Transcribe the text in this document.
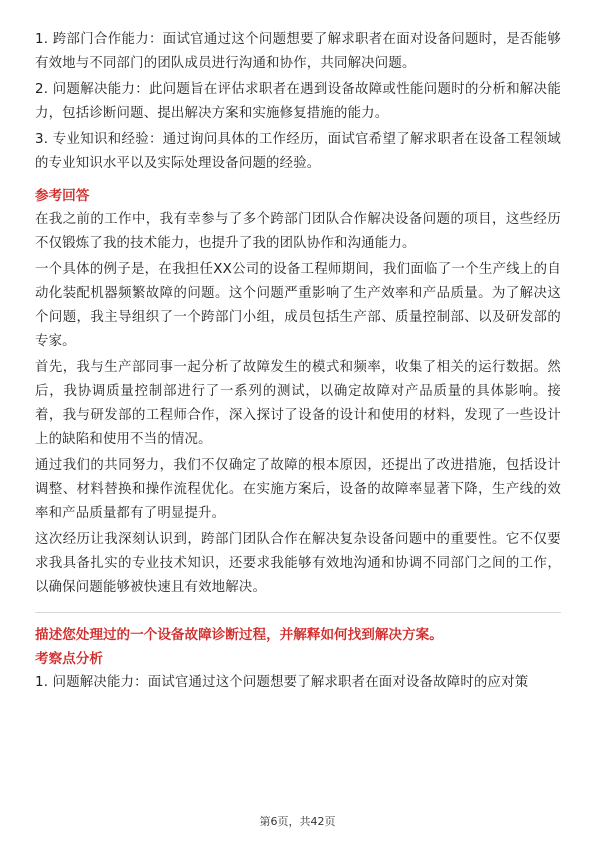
1. 跨部门合作能力：面试官通过这个问题想要了解求职者在面对设备问题时，是否能够有效地与不同部门的团队成员进行沟通和协作，共同解决问题。

2. 问题解决能力：此问题旨在评估求职者在遇到设备故障或性能问题时的分析和解决能力，包括诊断问题、提出解决方案和实施修复措施的能力。

3. 专业知识和经验：通过询问具体的工作经历，面试官希望了解求职者在设备工程领域的专业知识水平以及实际处理设备问题的经验。

参考回答

在我之前的工作中，我有幸参与了多个跨部门团队合作解决设备问题的项目，这些经历不仅锻炼了我的技术能力，也提升了我的团队协作和沟通能力。

一个具体的例子是，在我担任XX公司的设备工程师期间，我们面临了一个生产线上的自动化装配机器频繁故障的问题。这个问题严重影响了生产效率和产品质量。为了解决这个问题，我主导组织了一个跨部门小组，成员包括生产部、质量控制部、以及研发部的专家。

首先，我与生产部同事一起分析了故障发生的模式和频率，收集了相关的运行数据。然后，我协调质量控制部进行了一系列的测试，以确定故障对产品质量的具体影响。接着，我与研发部的工程师合作，深入探讨了设备的设计和使用的材料，发现了一些设计上的缺陷和使用不当的情况。

通过我们的共同努力，我们不仅确定了故障的根本原因，还提出了改进措施，包括设计调整、材料替换和操作流程优化。在实施方案后，设备的故障率显著下降，生产线的效率和产品质量都有了明显提升。

这次经历让我深刻认识到，跨部门团队合作在解决复杂设备问题中的重要性。它不仅要求我具备扎实的专业技术知识，还要求我能够有效地沟通和协调不同部门之间的工作，以确保问题能够被快速且有效地解决。

描述您处理过的一个设备故障诊断过程，并解释如何找到解决方案。

考察点分析

1. 问题解决能力：面试官通过这个问题想要了解求职者在面对设备故障时的应对策

第6页，共42页
